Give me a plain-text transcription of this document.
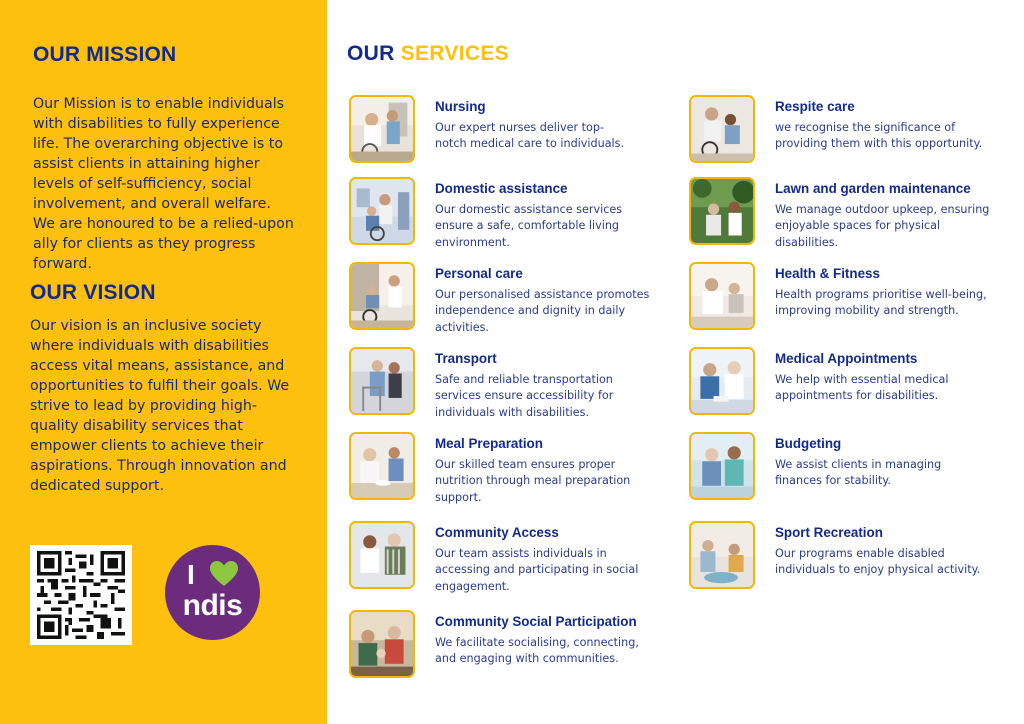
OUR MISSION

Our Mission is to enable individuals with disabilities to fully experience life. The overarching objective is to assist clients in attaining higher levels of self-sufficiency, social involvement, and overall welfare. We are honoured to be a relied-upon ally for clients as they progress forward.

OUR VISION

Our vision is an inclusive society where individuals with disabilities access vital means, assistance, and opportunities to fulfil their goals. We strive to lead by providing high-quality disability services that empower clients to achieve their aspirations. Through innovation and dedicated support.

I
ndis
OUR SERVICES
Nursing

Our expert nurses deliver top-notch medical care to individuals.

Domestic assistance

Our domestic assistance services ensure a safe, comfortable living environment.

Personal care

Our personalised assistance promotes independence and dignity in daily activities.

Transport

Safe and reliable transportation services ensure accessibility for individuals with disabilities.

Meal Preparation

Our skilled team ensures proper nutrition through meal preparation support.

Community Access

Our team assists individuals in accessing and participating in social engagement.

Community Social Participation

We facilitate socialising, connecting, and engaging with communities.

Respite care

we recognise the significance of providing them with this opportunity.

Lawn and garden maintenance

We manage outdoor upkeep, ensuring enjoyable spaces for physical disabilities.

Health & Fitness

Health programs prioritise well-being, improving mobility and strength.

Medical Appointments

We help with essential medical appointments for disabilities.

Budgeting

We assist clients in managing finances for stability.

Sport Recreation

Our programs enable disabled individuals to enjoy physical activity.
